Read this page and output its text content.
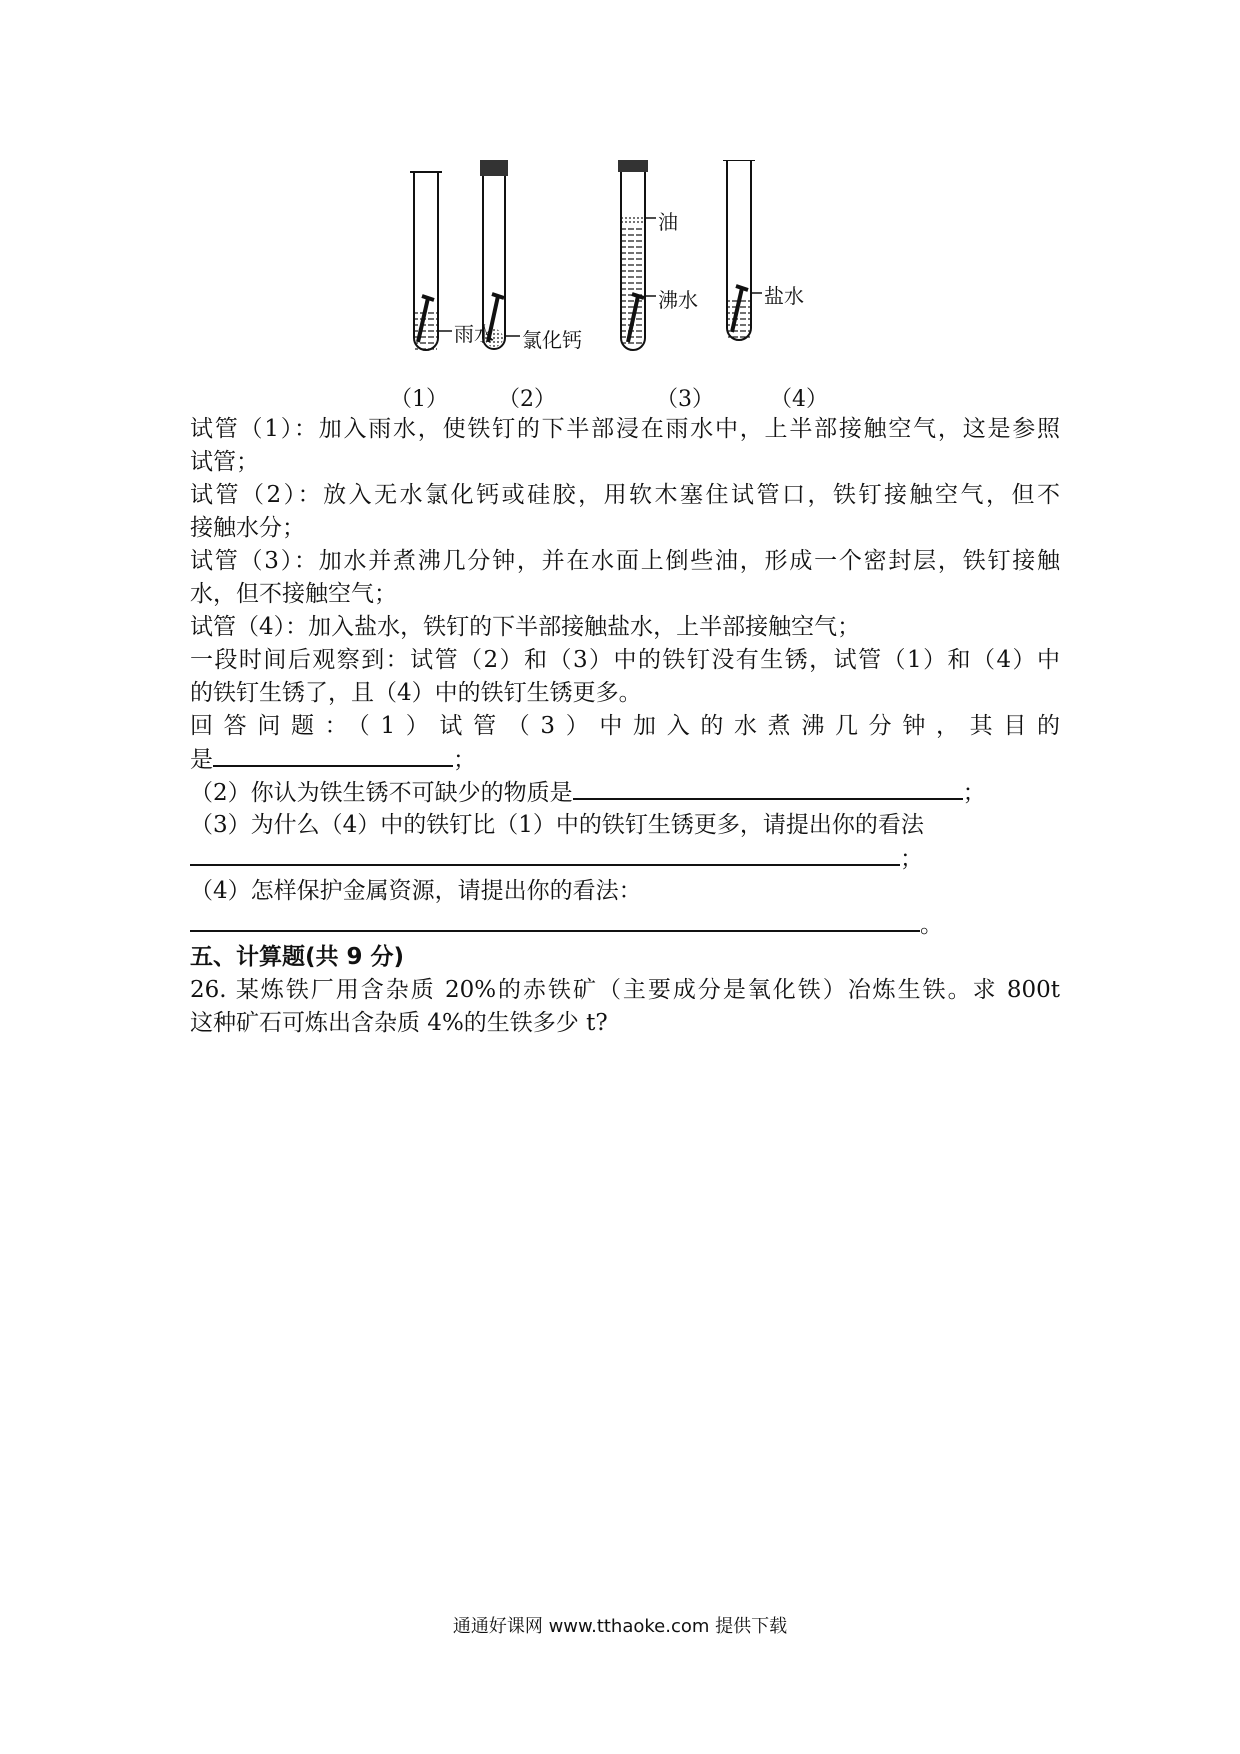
雨水 氯化钙
油
沸水	盐水
（1） （2）	（3）	（4）
试管（1）：加入雨水，使铁钉的下半部浸在雨水中，上半部接触空气，这是参照
试管；
试管（2）：放入无水氯化钙或硅胶，用软木塞住试管口，铁钉接触空气，但不
接触水分；
试管（3）：加水并煮沸几分钟，并在水面上倒些油，形成一个密封层，铁钉接触
水，但不接触空气；
试管（4）：加入盐水，铁钉的下半部接触盐水，上半部接触空气；
一段时间后观察到：试管（2）和（3）中的铁钉没有生锈，试管（1）和（4）中
的铁钉生锈了，且（4）中的铁钉生锈更多。
回答问题：（1）试管（3）中加入的水煮沸几分钟，其目的
是	；
（2）你认为铁生锈不可缺少的物质是	；
（3）为什么（4）中的铁钉比（1）中的铁钉生锈更多，请提出你的看法
；
（4）怎样保护金属资源，请提出你的看法：
。
五、计算题(共 9 分)
26. 某炼铁厂用含杂质 20%的赤铁矿（主要成分是氧化铁）冶炼生铁。求 800t
这种矿石可炼出含杂质 4%的生铁多少 t?
通通好课网 www.tthaoke.com 提供下载
